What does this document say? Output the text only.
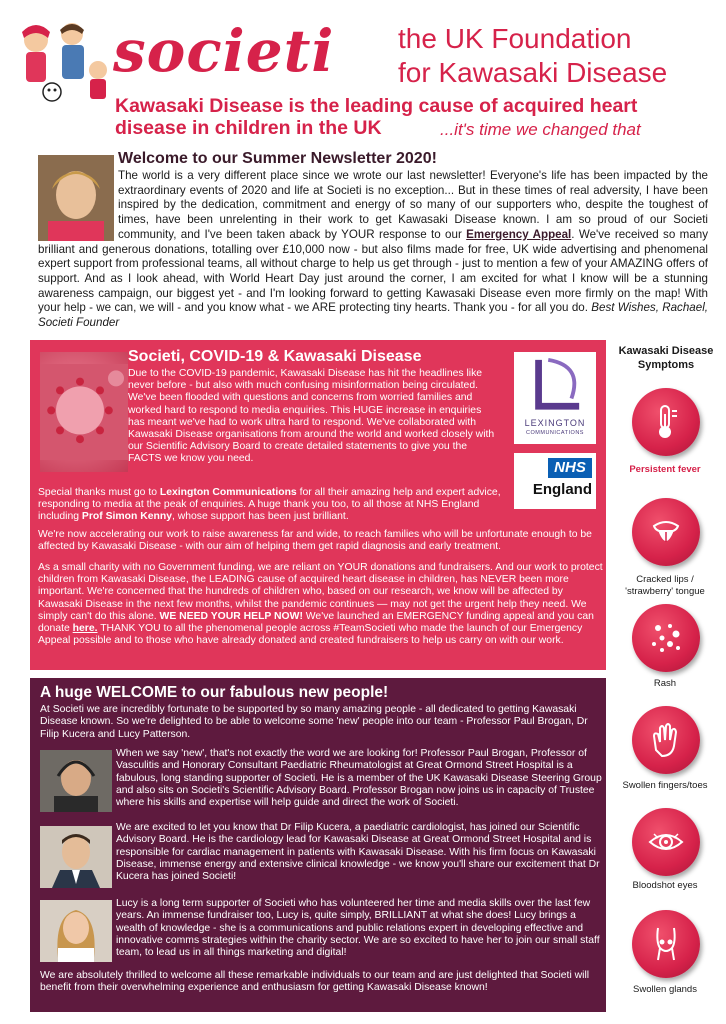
societi the UK Foundation
for Kawasaki Disease
Kawasaki Disease is the leading cause of acquired heart
disease in children in the UK	...it's time we changed that
Welcome to our Summer Newsletter 2020!
The world is a very different place since we wrote our last newsletter! Everyone's life has been impacted by the extraordinary events of 2020 and life at Societi is no exception... But in these times of real adversity, I have been inspired by the dedication, commitment and energy of so many of our supporters who, despite the toughest of times, have been unrelenting in their work to get Kawasaki Disease known. I am so proud of our Societi community, and I've been taken aback by YOUR response to our Emergency Appeal. We've received so many brilliant and generous donations, totalling over £10,000 now - but also films made for free, UK wide advertising and phenomenal expert support from professional teams, all without charge to help us get through - just to mention a few of your AMAZING offers of support. And as I look ahead, with World Heart Day just around the corner, I am excited for what I know will be a stunning awareness campaign, our biggest yet - and I'm looking forward to getting Kawasaki Disease even more firmly on the map! With your help - we can, we will - and you know what - we ARE protecting tiny hearts. Thank you - for all you do. Best Wishes, Rachael, Societi Founder
Societi, COVID-19 & Kawasaki Disease
Due to the COVID-19 pandemic, Kawasaki Disease has hit the headlines like never before - but also with much confusing misinformation being circulated. We've been flooded with questions and concerns from worried families and worked hard to respond to media enquiries. This HUGE increase in enquiries has meant we've had to work ultra hard to respond. We've collaborated with Kawasaki Disease organisations from around the world and worked closely with our Scientific Advisory Board to create detailed statements to give you the FACTS we know you need.
LEXINGTON
COMMUNICATIONS
NHS
England
Special thanks must go to Lexington Communications for all their amazing help and expert advice, responding to media at the peak of enquiries. A huge thank you too, to all those at NHS England including Prof Simon Kenny, whose support has been just brilliant.
We're now accelerating our work to raise awareness far and wide, to reach families who will be unfortunate enough to be affected by Kawasaki Disease - with our aim of helping them get rapid diagnosis and early treatment.
As a small charity with no Government funding, we are reliant on YOUR donations and fundraisers. And our work to protect children from Kawasaki Disease, the LEADING cause of acquired heart disease in children, has NEVER been more important. We're concerned that the hundreds of children who, based on our research, we know will be affected by Kawasaki Disease in the next few months, whilst the pandemic continues — may not get the urgent help they need. We simply can't do this alone. WE NEED YOUR HELP NOW! We've launched an EMERGENCY funding appeal and you can donate here. THANK YOU to all the phenomenal people across #TeamSocieti who made the launch of our Emergency Appeal possible and to those who have already donated and created fundraisers to help us carry on with our work.
A huge WELCOME to our fabulous new people!
At Societi we are incredibly fortunate to be supported by so many amazing people - all dedicated to getting Kawasaki Disease known. So we're delighted to be able to welcome some 'new' people into our team - Professor Paul Brogan, Dr Filip Kucera and Lucy Patterson.
When we say 'new', that's not exactly the word we are looking for! Professor Paul Brogan, Professor of Vasculitis and Honorary Consultant Paediatric Rheumatologist at Great Ormond Street Hospital is a fabulous, long standing supporter of Societi. He is a member of the UK Kawasaki Disease Steering Group and also sits on Societi's Scientific Advisory Board. Professor Brogan now joins us in capacity of Trustee where his skills and expertise will help guide and direct the work of Societi.
We are excited to let you know that Dr Filip Kucera, a paediatric cardiologist, has joined our Scientific Advisory Board. He is the cardiology lead for Kawasaki Disease at Great Ormond Street Hospital and is responsible for cardiac management in patients with Kawasaki Disease. With his firm focus on Kawasaki Disease, immense energy and extensive clinical knowledge - we know you'll share our excitement that Dr Kucera has joined Societi!
Lucy is a long term supporter of Societi who has volunteered her time and media skills over the last few years. An immense fundraiser too, Lucy is, quite simply, BRILLIANT at what she does! Lucy brings a wealth of knowledge - she is a communications and public relations expert in developing effective and innovative comms strategies within the charity sector. We are so excited to have her to join our small staff team, to lead us in all things marketing and digital!
We are absolutely thrilled to welcome all these remarkable individuals to our team and are just delighted that Societi will benefit from their overwhelming experience and enthusiasm for getting Kawasaki Disease known!
Kawasaki Disease
Symptoms
Persistent fever
Cracked lips /
'strawberry' tongue
Rash
Swollen fingers/toes
Bloodshot eyes
Swollen glands
